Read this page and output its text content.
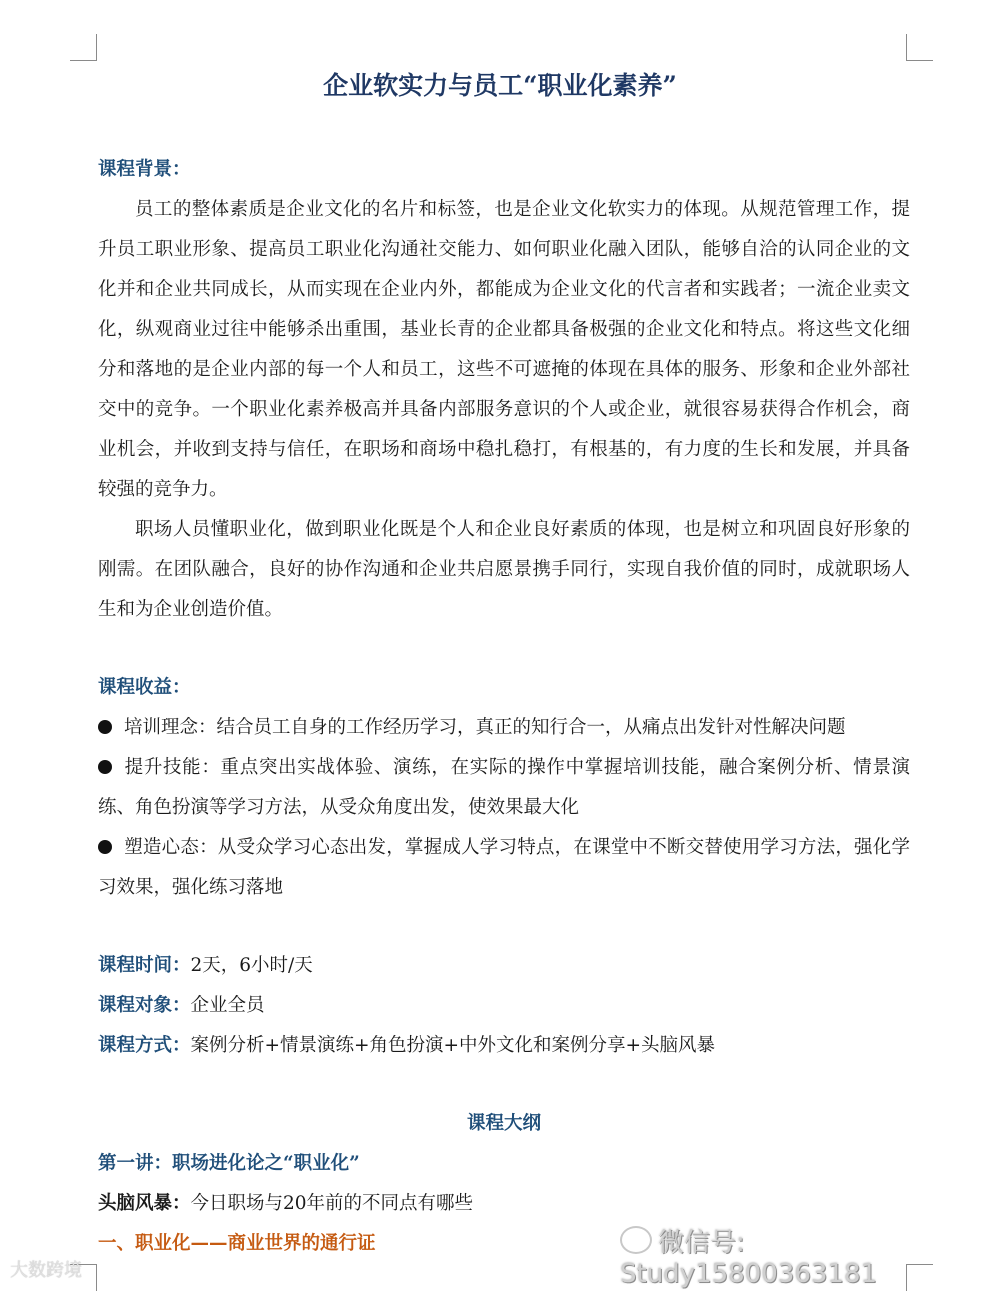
企业软实力与员工“职业化素养”

课程背景：

员工的整体素质是企业文化的名片和标签，也是企业文化软实力的体现。从规范管理工作，提升员工职业形象、提高员工职业化沟通社交能力、如何职业化融入团队，能够自洽的认同企业的文化并和企业共同成长，从而实现在企业内外，都能成为企业文化的代言者和实践者；一流企业卖文化，纵观商业过往中能够杀出重围，基业长青的企业都具备极强的企业文化和特点。将这些文化细分和落地的是企业内部的每一个人和员工，这些不可遮掩的体现在具体的服务、形象和企业外部社交中的竞争。一个职业化素养极高并具备内部服务意识的个人或企业，就很容易获得合作机会，商业机会，并收到支持与信任，在职场和商场中稳扎稳打，有根基的，有力度的生长和发展，并具备较强的竞争力。

职场人员懂职业化，做到职业化既是个人和企业良好素质的体现，也是树立和巩固良好形象的刚需。在团队融合，良好的协作沟通和企业共启愿景携手同行，实现自我价值的同时，成就职场人生和为企业创造价值。

课程收益：

培训理念：结合员工自身的工作经历学习，真正的知行合一，从痛点出发针对性解决问题

提升技能：重点突出实战体验、演练，在实际的操作中掌握培训技能，融合案例分析、情景演练、角色扮演等学习方法，从受众角度出发，使效果最大化

塑造心态：从受众学习心态出发，掌握成人学习特点，在课堂中不断交替使用学习方法，强化学习效果，强化练习落地

课程时间：2天，6小时/天

课程对象：企业全员

课程方式：案例分析+情景演练+角色扮演+中外文化和案例分享+头脑风暴

课程大纲

第一讲：职场进化论之“职业化”

头脑风暴：今日职场与20年前的不同点有哪些

一、职业化——商业世界的通行证	微信号: Study15800363181
大数跨境
